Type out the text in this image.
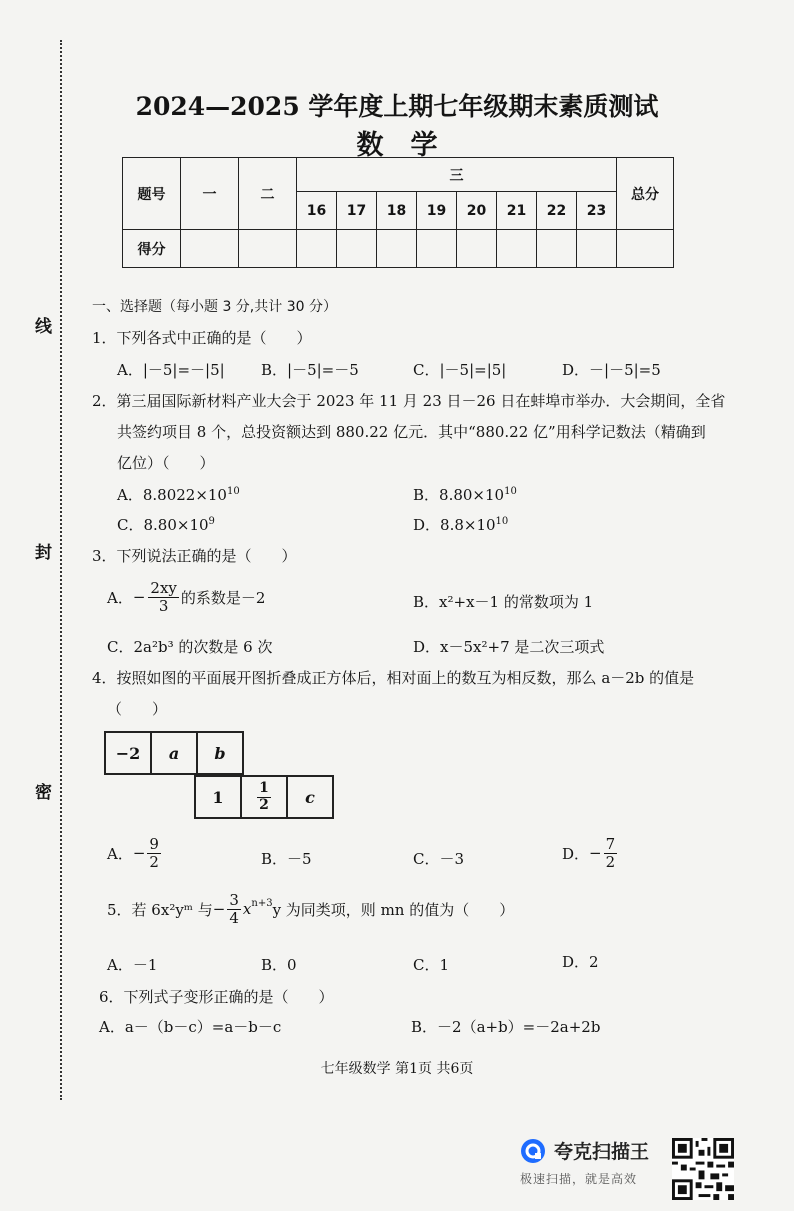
线
封
密
2024—2025 学年度上期七年级期末素质测试
数　学
题号	一	二	三								总分
			16	17	18	19	20	21	22	23	
得分											
一、选择题（每小题 3 分,共计 30 分）
1．下列各式中正确的是（　　）
A．|－5|=－|5| B．|－5|=－5	C．|－5|=|5|	D．－|－5|=5
2．第三届国际新材料产业大会于 2023 年 11 月 23 日－26 日在蚌埠市举办．大会期间，全省
共签约项目 8 个，总投资额达到 880.22 亿元．其中“880.22 亿”用科学记数法（精确到
亿位）（　　）
A．$8.8022\times 10^{10}$	B．$8.80\times 10^{10}$
C．$8.80\times 10^9$	D．$8.8\times 10^{10}$
3．下列说法正确的是（　　）
A． − $\frac{2xy}{3}$ 的系数是－2	B．x²+x－1 的常数项为 1
C．2a²b³ 的次数是 6 次	D．x－5x²+7 是二次三项式
4．按照如图的平面展开图折叠成正方体后，相对面上的数互为相反数，那么 a－2b 的值是
（　　）
−2	a	b
1	$\frac{1}{2}$	c
A． − $\frac{9}{2}$	B．－5	C．－3	D． − $\frac{7}{2}$
5．若 6x²yᵐ 与 − $\frac{3}{4} x^{n+3}$ y 为同类项，则 mn 的值为（　　）
A．－1	B．0	C．1	D．2
6．下列式子变形正确的是（　　）
A．a－（b－c）=a－b－c	B．－2（a+b）=－2a+2b
七年级数学 第1页 共6页
夸克扫描王
极速扫描，就是高效
